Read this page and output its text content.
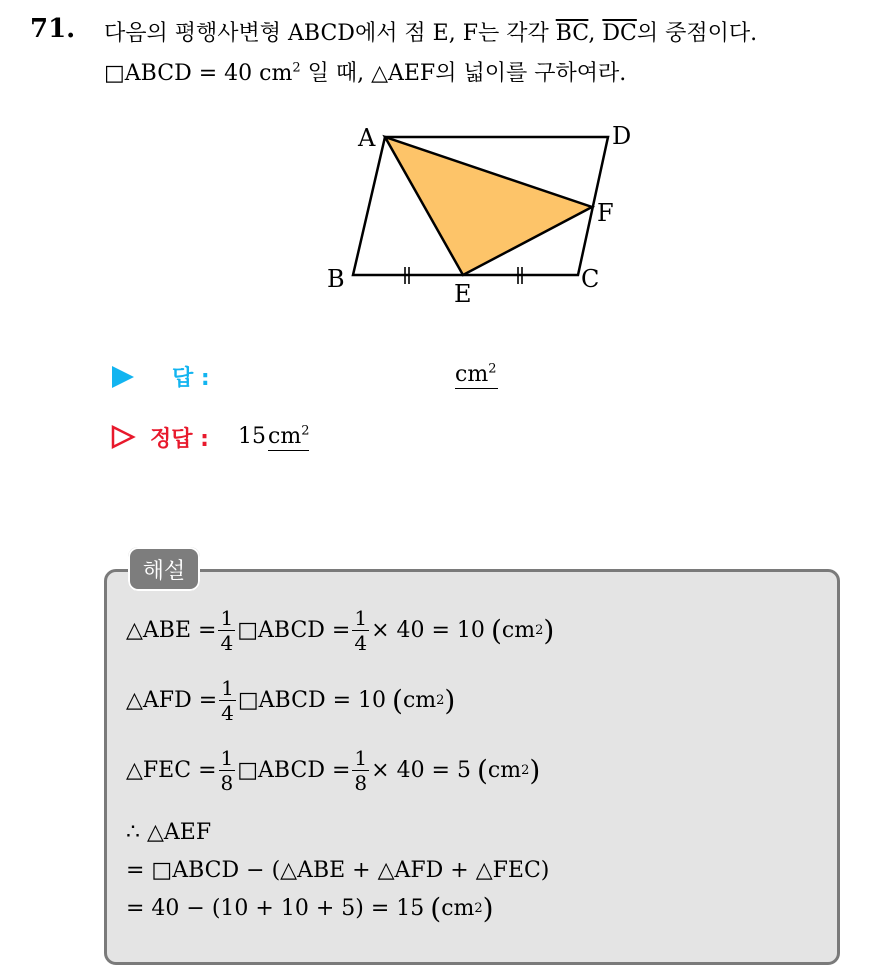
71. 다음의 평행사변형 ABCD에서 점 E, F는 각각 $\overline{BC}$, $\overline{DC}$의 중점이다.
□ABCD = 40 $cm^2$ 일 때, △AEF의 넓이를 구하여라.
A	D
F
B	C
E
답 :	$cm^2$
정답 : $15cm^2$
해설
△ABE = $\frac{1}{4}$ □ABCD = $\frac{1}{4} \times 40 = 10$ ( cm 2 )
△AFD = $\frac{1}{4}$ □ABCD = 10 ( cm 2 )
△FEC = $\frac{1}{8}$ □ABCD = $\frac{1}{8} \times 40 = 5$ ( cm 2 )
∴ △AEF
= □ABCD − (△ABE + △AFD + △FEC)
= 40 − (10 + 10 + 5) = 15 ( cm 2 )
